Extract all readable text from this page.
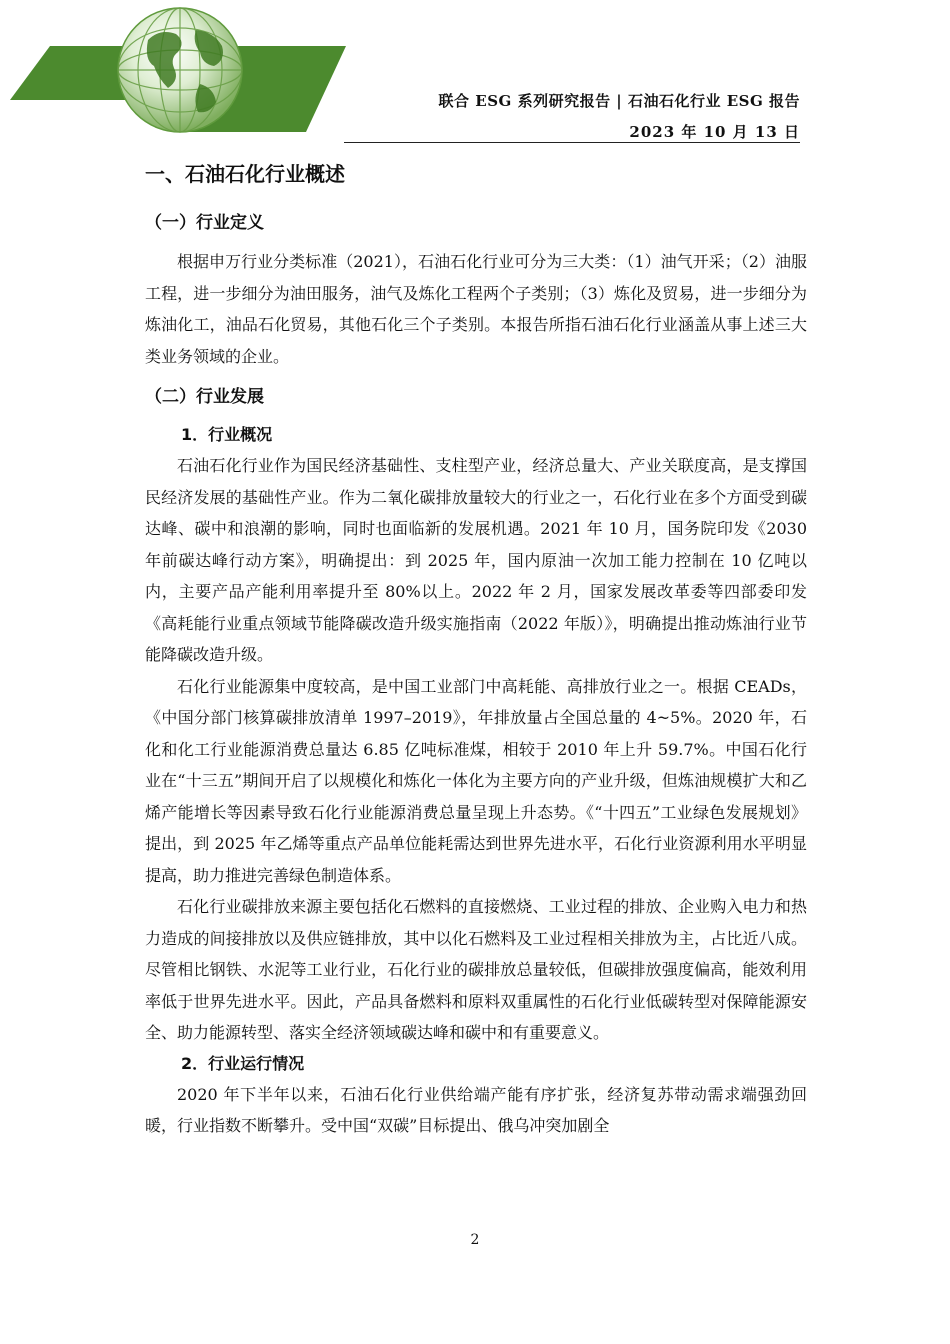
联合 ESG 系列研究报告 | 石油石化行业 ESG 报告
2023 年 10 月 13 日
一、石油石化行业概述
（一）行业定义

根据申万行业分类标准（2021），石油石化行业可分为三大类：（1）油气开采；（2）油服工程，进一步细分为油田服务，油气及炼化工程两个子类别；（3）炼化及贸易，进一步细分为炼油化工，油品石化贸易，其他石化三个子类别。本报告所指石油石化行业涵盖从事上述三大类业务领域的企业。

（二）行业发展
1．行业概况

石油石化行业作为国民经济基础性、支柱型产业，经济总量大、产业关联度高，是支撑国民经济发展的基础性产业。作为二氧化碳排放量较大的行业之一，石化行业在多个方面受到碳达峰、碳中和浪潮的影响，同时也面临新的发展机遇。2021 年 10 月，国务院印发《2030 年前碳达峰行动方案》，明确提出：到 2025 年，国内原油一次加工能力控制在 10 亿吨以内，主要产品产能利用率提升至 80%以上。2022 年 2 月，国家发展改革委等四部委印发《高耗能行业重点领域节能降碳改造升级实施指南（2022 年版）》，明确提出推动炼油行业节能降碳改造升级。

石化行业能源集中度较高，是中国工业部门中高耗能、高排放行业之一。根据 CEADs，《中国分部门核算碳排放清单 1997–2019》，年排放量占全国总量的 4~5%。2020 年，石化和化工行业能源消费总量达 6.85 亿吨标准煤，相较于 2010 年上升 59.7%。中国石化行业在“十三五”期间开启了以规模化和炼化一体化为主要方向的产业升级，但炼油规模扩大和乙烯产能增长等因素导致石化行业能源消费总量呈现上升态势。《“十四五”工业绿色发展规划》提出，到 2025 年乙烯等重点产品单位能耗需达到世界先进水平，石化行业资源利用水平明显提高，助力推进完善绿色制造体系。

石化行业碳排放来源主要包括化石燃料的直接燃烧、工业过程的排放、企业购入电力和热力造成的间接排放以及供应链排放，其中以化石燃料及工业过程相关排放为主，占比近八成。尽管相比钢铁、水泥等工业行业，石化行业的碳排放总量较低，但碳排放强度偏高，能效利用率低于世界先进水平。因此，产品具备燃料和原料双重属性的石化行业低碳转型对保障能源安全、助力能源转型、落实全经济领域碳达峰和碳中和有重要意义。

2．行业运行情况

2020 年下半年以来，石油石化行业供给端产能有序扩张，经济复苏带动需求端强劲回暖，行业指数不断攀升。受中国“双碳”目标提出、俄乌冲突加剧全

2
